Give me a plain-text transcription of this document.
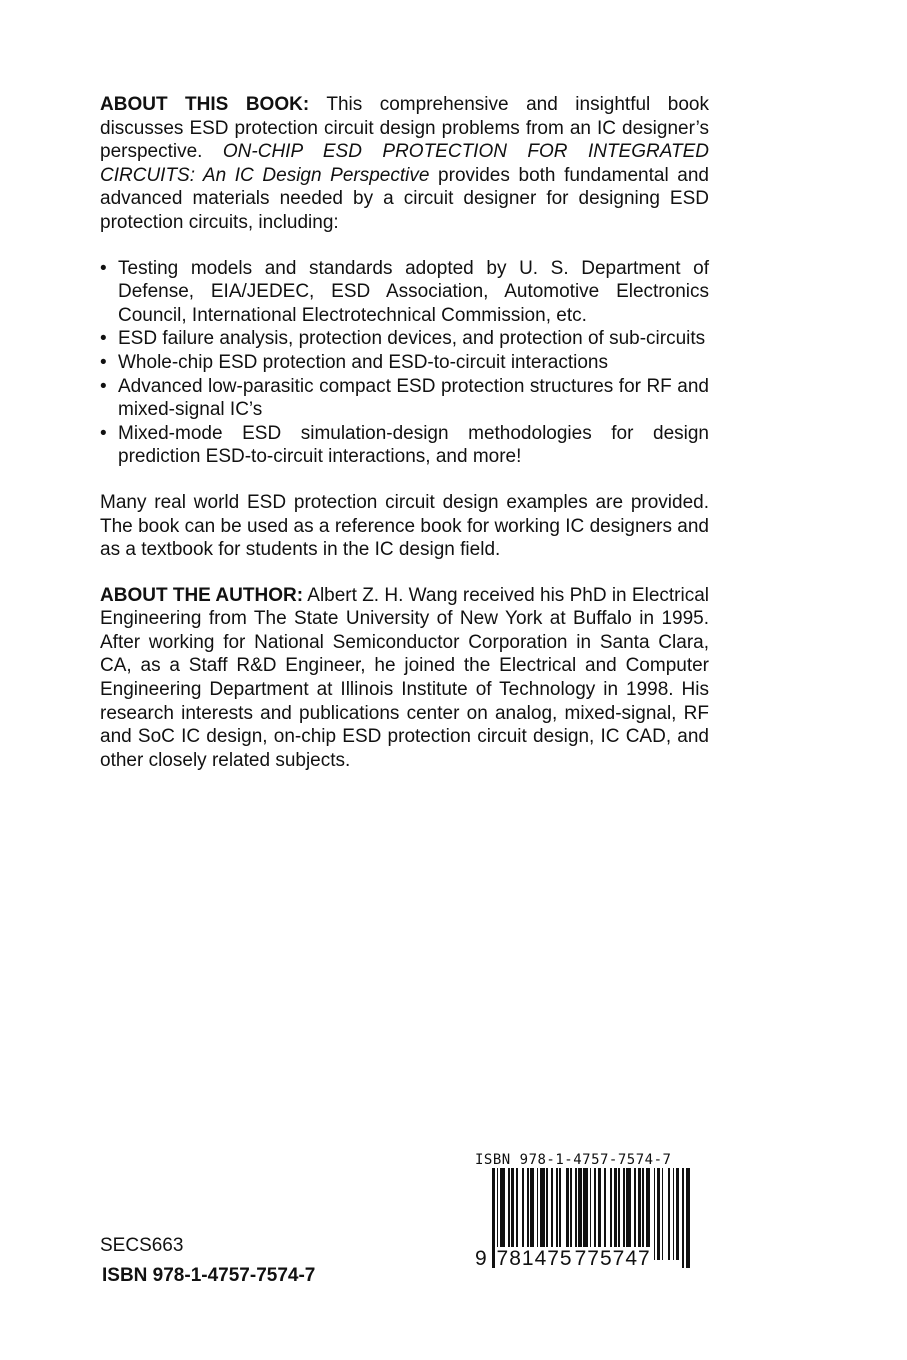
ABOUT THIS BOOK: This comprehensive and insightful book discusses ESD protection circuit design problems from an IC designer’s perspective. ON-CHIP ESD PROTECTION FOR INTEGRATED CIRCUITS: An IC Design Perspective provides both fundamental and advanced materials needed by a circuit designer for designing ESD protection circuits, including:

• Testing models and standards adopted by U. S. Department of Defense, EIA/JEDEC, ESD Association, Automotive Electronics Council, International Electrotechnical Commission, etc.
• ESD failure analysis, protection devices, and protection of sub-circuits
• Whole-chip ESD protection and ESD-to-circuit interactions
• Advanced low-parasitic compact ESD protection structures for RF and mixed-signal IC’s
• Mixed-mode ESD simulation-design methodologies for design prediction ESD-to-circuit interactions, and more!

Many real world ESD protection circuit design examples are provided. The book can be used as a reference book for working IC designers and as a textbook for students in the IC design field.

ABOUT THE AUTHOR: Albert Z. H. Wang received his PhD in Electrical Engineering from The State University of New York at Buffalo in 1995. After working for National Semiconductor Corporation in Santa Clara, CA, as a Staff R&D Engineer, he joined the Electrical and Computer Engineering Department at Illinois Institute of Technology in 1998. His research interests and publications center on analog, mixed-signal, RF and SoC IC design, on-chip ESD protection circuit design, IC CAD, and other closely related subjects.

SECS663
ISBN 978-1-4757-7574-7
ISBN 978-1-4757-7574-7
9 781475775747
